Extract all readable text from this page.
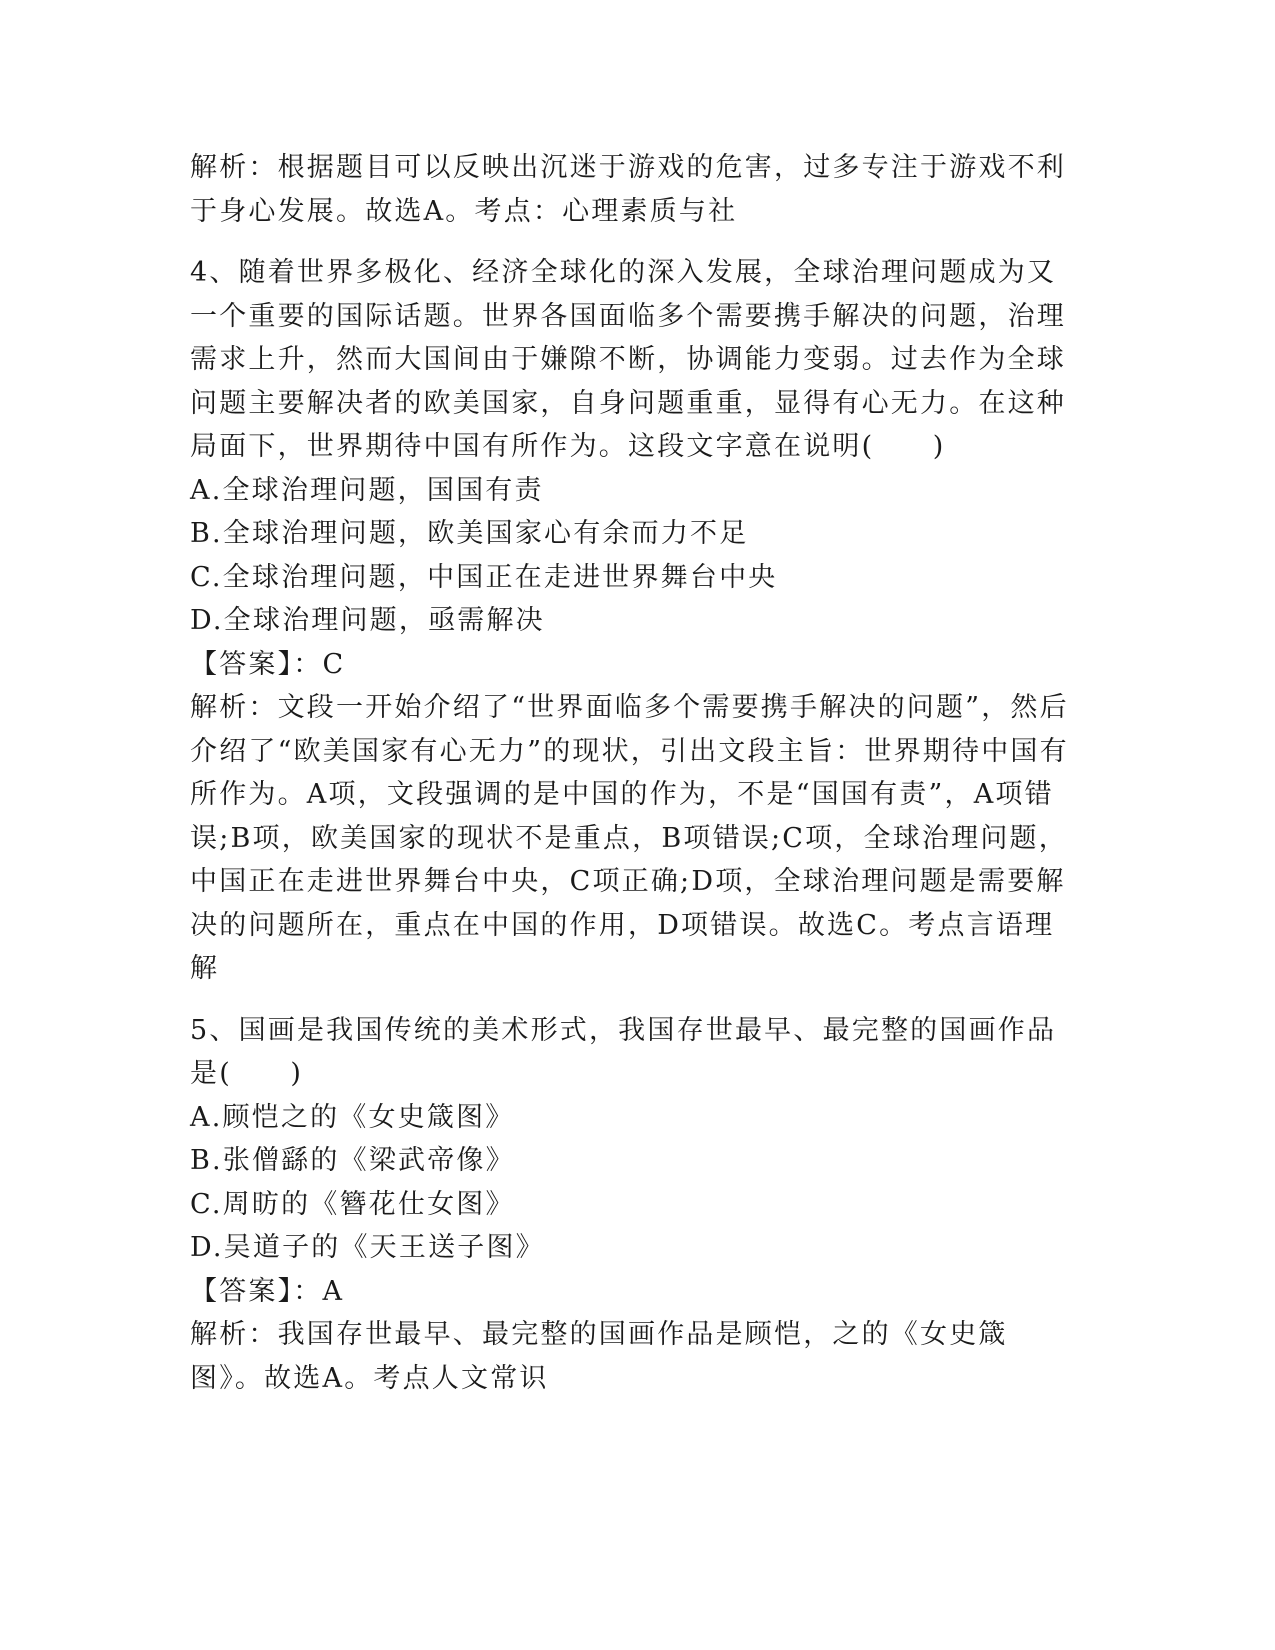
解析：根据题目可以反映出沉迷于游戏的危害，过多专注于游戏不利于身心发展。故选A。考点：心理素质与社

4、随着世界多极化、经济全球化的深入发展，全球治理问题成为又一个重要的国际话题。世界各国面临多个需要携手解决的问题，治理需求上升，然而大国间由于嫌隙不断，协调能力变弱。过去作为全球问题主要解决者的欧美国家，自身问题重重，显得有心无力。在这种局面下，世界期待中国有所作为。这段文字意在说明(　　)

A.全球治理问题，国国有责

B.全球治理问题，欧美国家心有余而力不足

C.全球治理问题，中国正在走进世界舞台中央

D.全球治理问题，亟需解决

【答案】：C

解析：文段一开始介绍了“世界面临多个需要携手解决的问题”，然后介绍了“欧美国家有心无力”的现状，引出文段主旨：世界期待中国有所作为。A项，文段强调的是中国的作为，不是“国国有责”，A项错误;B项，欧美国家的现状不是重点，B项错误;C项，全球治理问题，中国正在走进世界舞台中央，C项正确;D项，全球治理问题是需要解决的问题所在，重点在中国的作用，D项错误。故选C。考点言语理解

5、国画是我国传统的美术形式，我国存世最早、最完整的国画作品是(　　)

A.顾恺之的《女史箴图》

B.张僧繇的《梁武帝像》

C.周昉的《簪花仕女图》

D.吴道子的《天王送子图》

【答案】：A

解析：我国存世最早、最完整的国画作品是顾恺，之的《女史箴图》。故选A。考点人文常识
